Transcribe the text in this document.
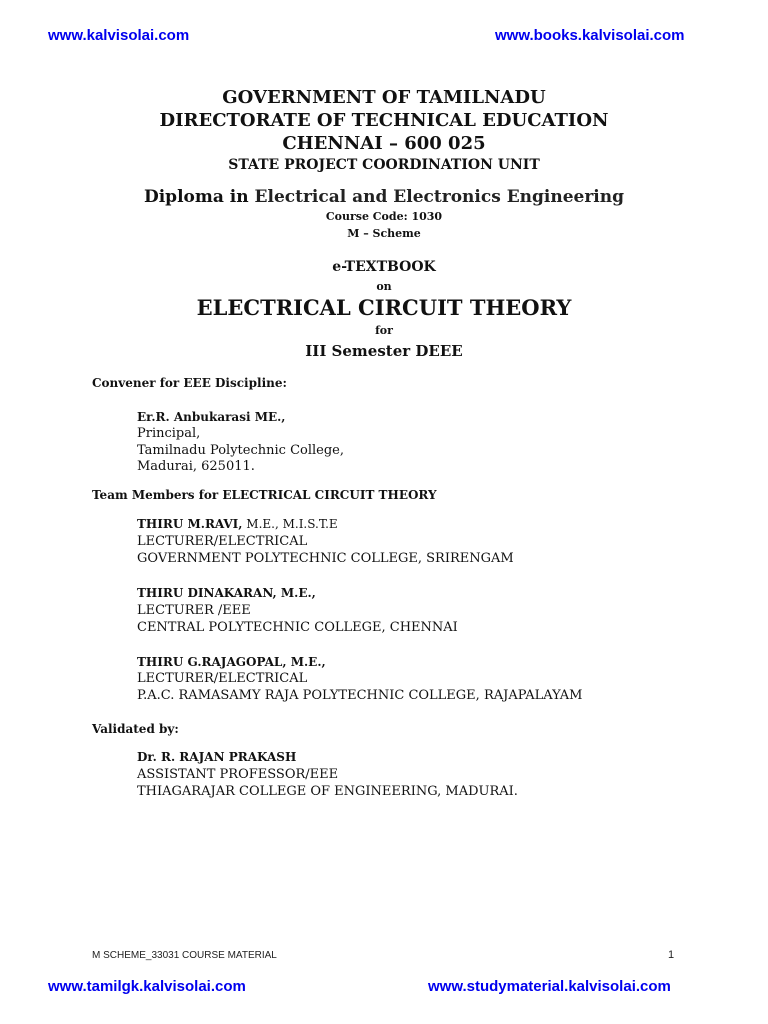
www.kalvisolai.com	www.books.kalvisolai.com
GOVERNMENT OF TAMILNADU
DIRECTORATE OF TECHNICAL EDUCATION
CHENNAI – 600 025
STATE PROJECT COORDINATION UNIT
Diploma in Electrical and Electronics Engineering
Course Code: 1030
M – Scheme
e-TEXTBOOK
on
ELECTRICAL CIRCUIT THEORY
for
III Semester DEEE
Convener for EEE Discipline:
Er.R. Anbukarasi ME.,
Principal,
Tamilnadu Polytechnic College,
Madurai, 625011.
Team Members for ELECTRICAL CIRCUIT THEORY
THIRU M.RAVI, M.E., M.I.S.T.E
LECTURER/ELECTRICAL
GOVERNMENT POLYTECHNIC COLLEGE, SRIRENGAM
THIRU DINAKARAN, M.E.,
LECTURER /EEE
CENTRAL POLYTECHNIC COLLEGE, CHENNAI
THIRU G.RAJAGOPAL, M.E.,
LECTURER/ELECTRICAL
P.A.C. RAMASAMY RAJA POLYTECHNIC COLLEGE, RAJAPALAYAM
Validated by:
Dr. R. RAJAN PRAKASH
ASSISTANT PROFESSOR/EEE
THIAGARAJAR COLLEGE OF ENGINEERING, MADURAI.
M SCHEME_33031 COURSE MATERIAL	1
www.tamilgk.kalvisolai.com	www.studymaterial.kalvisolai.com
